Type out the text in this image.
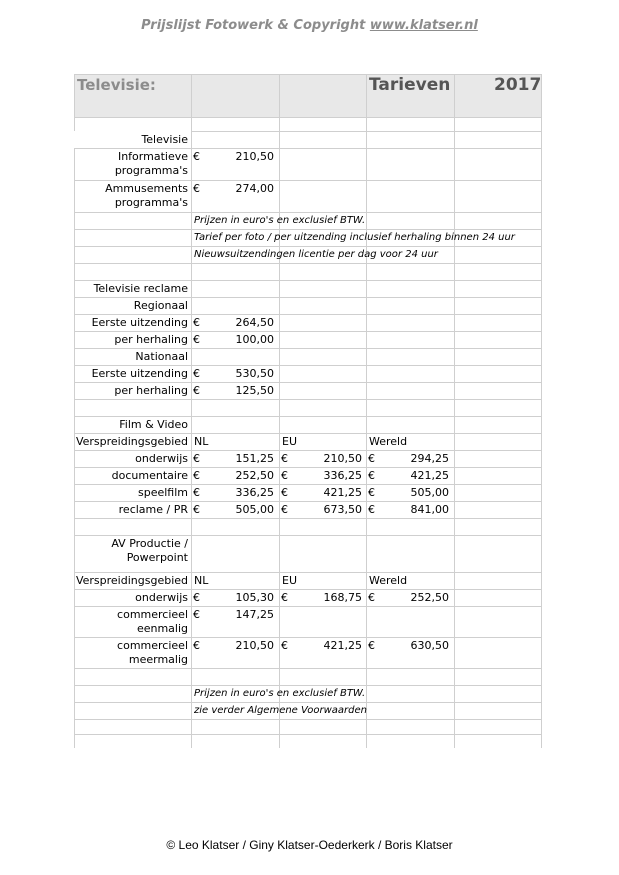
Prijslijst Fotowerk & Copyright www.klatser.nl
Televisie:	Tarieven	2017
Televisie
Informatieve
programma's
€	210,50
Ammusements
programma's
€	274,00
Prijzen in euro's en exclusief BTW.
Tarief per foto / per uitzending inclusief herhaling binnen 24 uur
Nieuwsuitzendingen licentie per dag voor 24 uur
Televisie reclame
Regionaal
Eerste uitzending €	264,50
per herhaling €	100,00
Nationaal
Eerste uitzending €	530,50
per herhaling €	125,50
Film & Video
Verspreidingsgebied NL	EU	Wereld
onderwijs €	151,25 €	210,50 €	294,25
documentaire €	252,50 €	336,25 €	421,25
speelfilm €	336,25 €	421,25 €	505,00
reclame / PR €	505,00 €	673,50 €	841,00
AV Productie /
Powerpoint
Verspreidingsgebied NL	EU	Wereld
onderwijs €	105,30 €	168,75 €	252,50
commercieel
eenmalig
€	147,25
commercieel
meermalig
€	210,50 €	421,25 €	630,50
Prijzen in euro's en exclusief BTW.
zie verder Algemene Voorwaarden
© Leo Klatser / Giny Klatser-Oederkerk / Boris Klatser
